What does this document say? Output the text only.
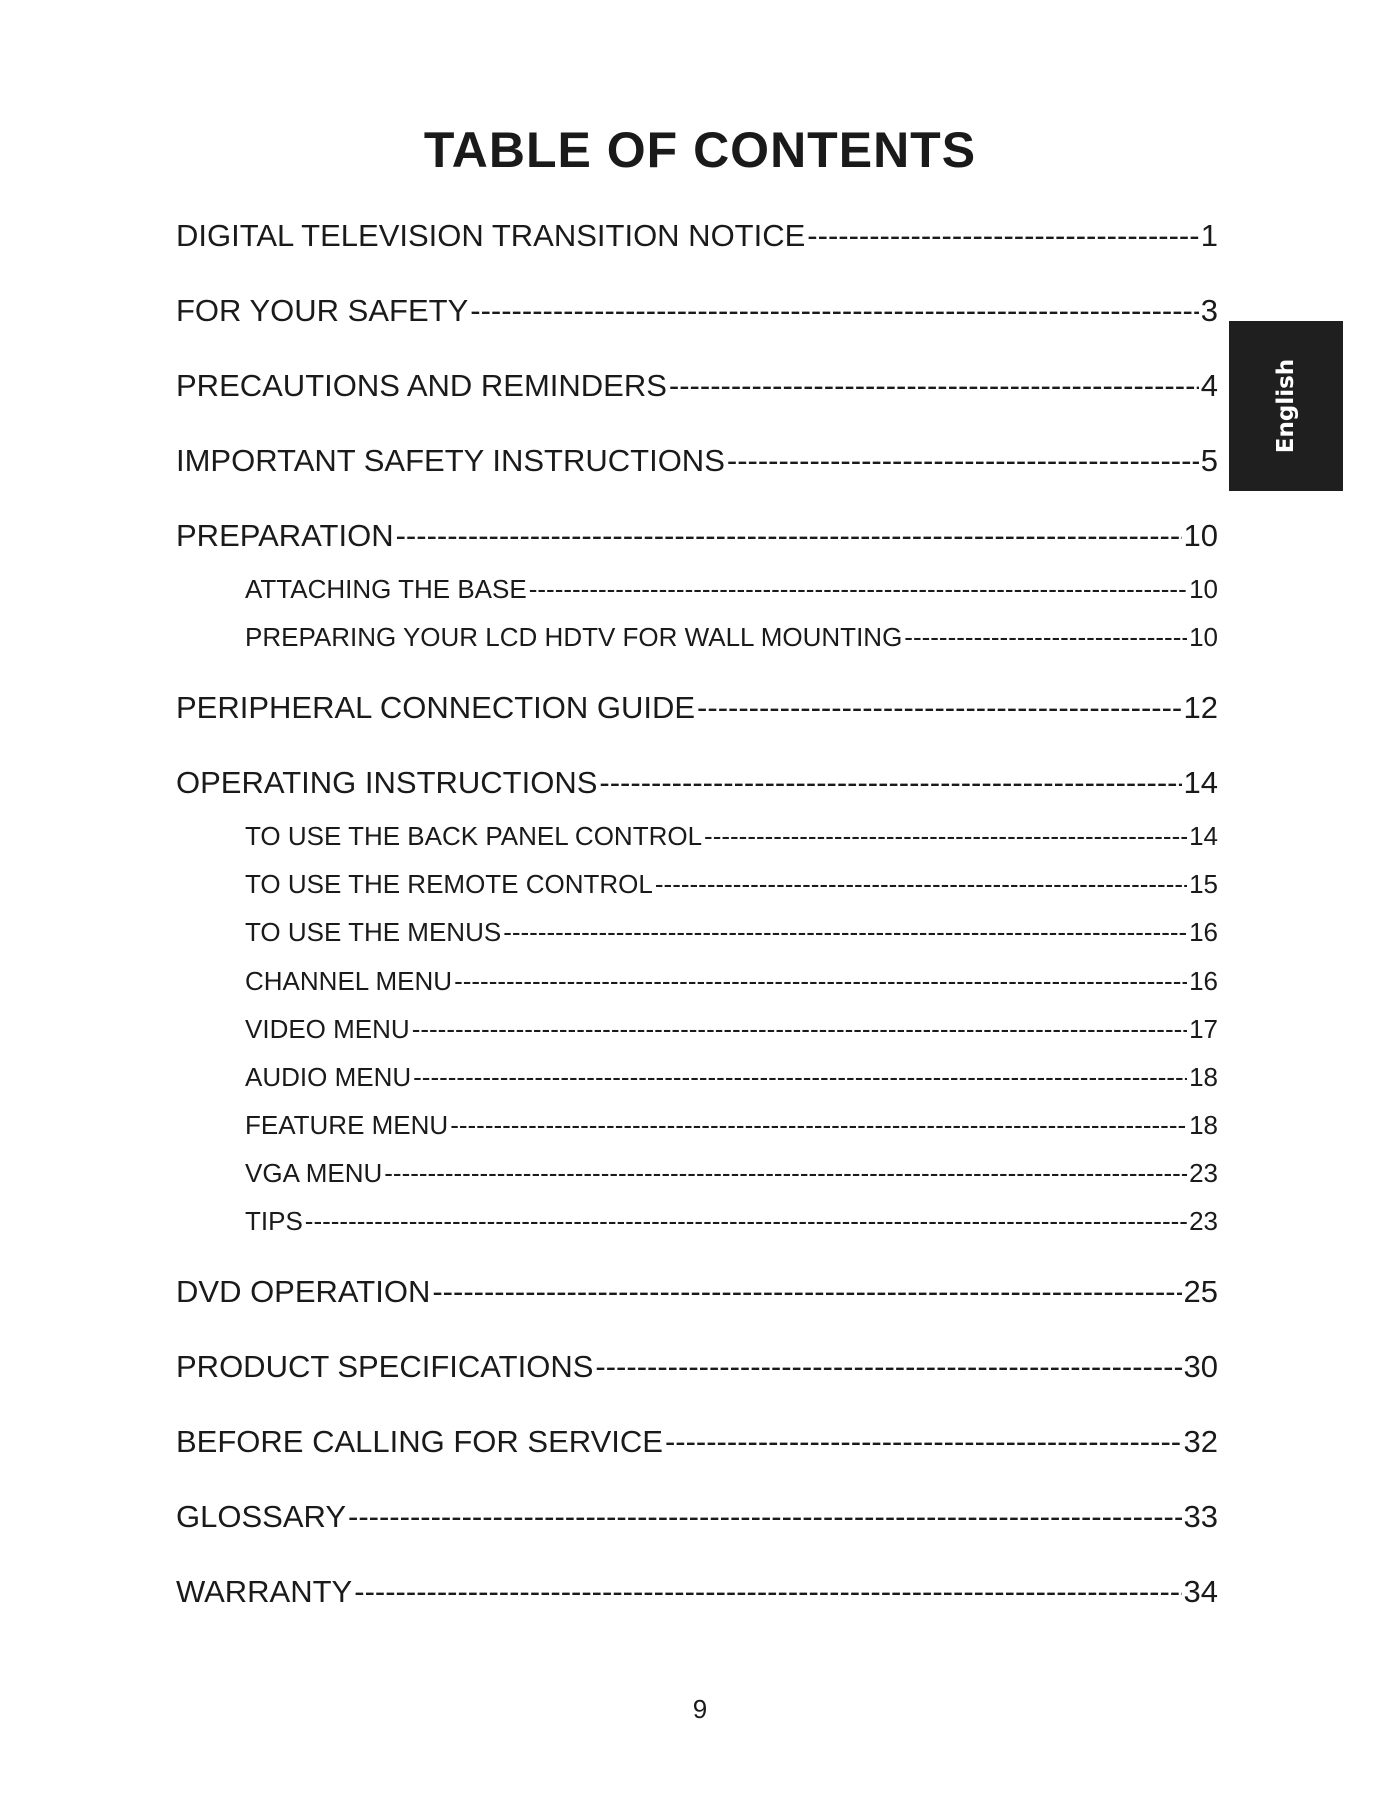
TABLE OF CONTENTS
English
DIGITAL TELEVISION TRANSITION NOTICE -----	1
FOR YOUR SAFETY -----	3
PRECAUTIONS AND REMINDERS -----	4
IMPORTANT SAFETY INSTRUCTIONS -----	5
PREPARATION -----	10
ATTACHING THE BASE -----	10
PREPARING YOUR LCD HDTV FOR WALL MOUNTING -----	10
PERIPHERAL CONNECTION GUIDE -----	12
OPERATING INSTRUCTIONS -----	14
TO USE THE BACK PANEL CONTROL -----	14
TO USE THE REMOTE CONTROL -----	15
TO USE THE MENUS -----	16
CHANNEL MENU -----	16
VIDEO MENU -----	17
AUDIO MENU -----	18
FEATURE MENU -----	18
VGA MENU -----	23
TIPS -----	23
DVD OPERATION -----	25
PRODUCT SPECIFICATIONS -----	30
BEFORE CALLING FOR SERVICE -----	32
GLOSSARY -----	33
WARRANTY -----	34
9
